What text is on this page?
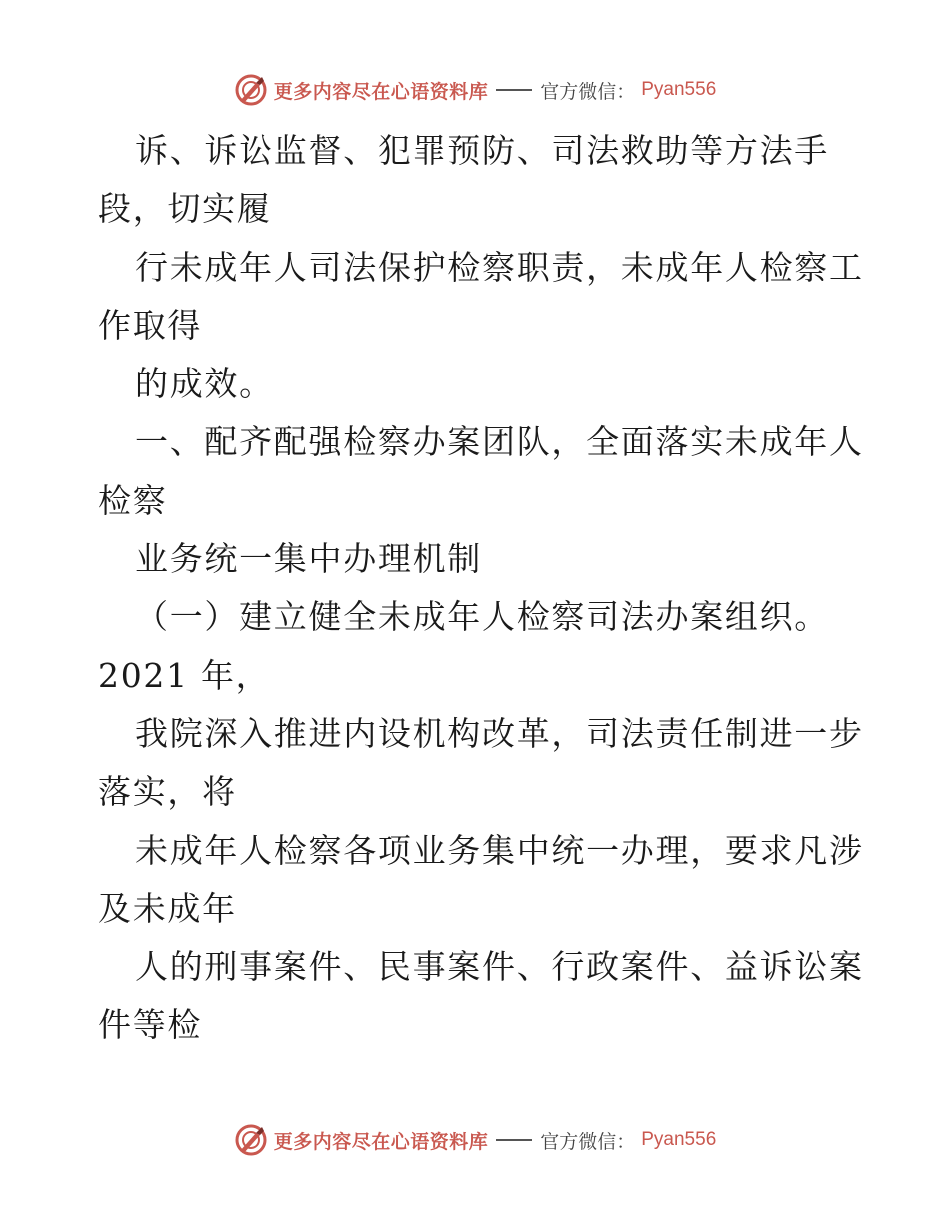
更多内容尽在心语资料库	官方微信： Pyan556
诉、诉讼监督、犯罪预防、司法救助等方法手
段，切实履
行未成年人司法保护检察职责，未成年人检察工
作取得
的成效。
一、配齐配强检察办案团队，全面落实未成年人
检察
业务统一集中办理机制
（一）建立健全未成年人检察司法办案组织。
2021 年，
我院深入推进内设机构改革，司法责任制进一步
落实，将
未成年人检察各项业务集中统一办理，要求凡涉
及未成年
人的刑事案件、民事案件、行政案件、益诉讼案
件等检
更多内容尽在心语资料库	官方微信： Pyan556
